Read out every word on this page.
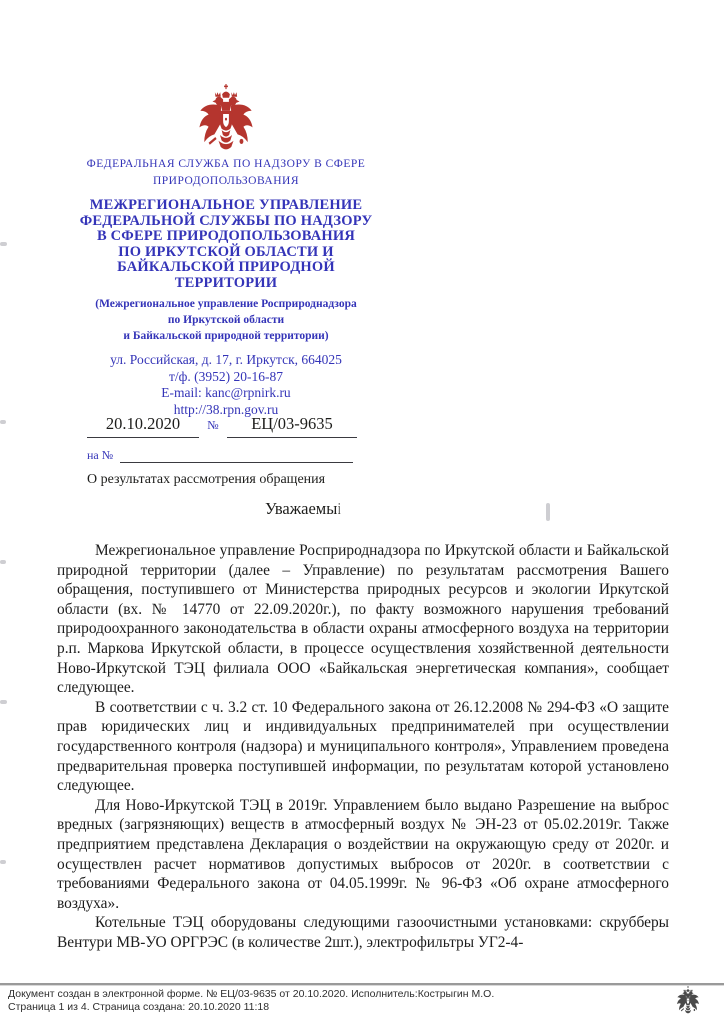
ФЕДЕРАЛЬНАЯ СЛУЖБА ПО НАДЗОРУ В СФЕРЕ
ПРИРОДОПОЛЬЗОВАНИЯ
МЕЖРЕГИОНАЛЬНОЕ УПРАВЛЕНИЕ
ФЕДЕРАЛЬНОЙ СЛУЖБЫ ПО НАДЗОРУ
В СФЕРЕ ПРИРОДОПОЛЬЗОВАНИЯ
ПО ИРКУТСКОЙ ОБЛАСТИ И
БАЙКАЛЬСКОЙ ПРИРОДНОЙ
ТЕРРИТОРИИ
(Межрегиональное управление Росприроднадзора
по Иркутской области
и Байкальской природной территории)
ул. Российская, д. 17, г. Иркутск, 664025
т/ф. (3952) 20-16-87
E-mail: kanc@rpnirk.ru
http://38.rpn.gov.ru
20.10.2020	№	ЕЦ/03-9635
на №
О результатах рассмотрения обращения
Уважаемыі

Межрегиональное управление Росприроднадзора по Иркутской области и Байкальской природной территории (далее – Управление) по результатам рассмотрения Вашего обращения, поступившего от Министерства природных ресурсов и экологии Иркутской области (вх. № 14770 от 22.09.2020г.), по факту возможного нарушения требований природоохранного законодательства в области охраны атмосферного воздуха на территории р.п. Маркова Иркутской области, в процессе осуществления хозяйственной деятельности Ново-Иркутской ТЭЦ филиала ООО «Байкальская энергетическая компания», сообщает следующее.

В соответствии с ч. 3.2 ст. 10 Федерального закона от 26.12.2008 № 294-ФЗ «О защите прав юридических лиц и индивидуальных предпринимателей при осуществлении государственного контроля (надзора) и муниципального контроля», Управлением проведена предварительная проверка поступившей информации, по результатам которой установлено следующее.

Для Ново-Иркутской ТЭЦ в 2019г. Управлением было выдано Разрешение на выброс вредных (загрязняющих) веществ в атмосферный воздух № ЭН-23 от 05.02.2019г. Также предприятием представлена Декларация о воздействии на окружающую среду от 2020г. и осуществлен расчет нормативов допустимых выбросов от 2020г. в соответствии с требованиями Федерального закона от 04.05.1999г. № 96-ФЗ «Об охране атмосферного воздуха».

Котельные ТЭЦ оборудованы следующими газоочистными установками: скрубберы Вентури МВ-УО ОРГРЭС (в количестве 2шт.), электрофильтры УГ2-4-

Документ создан в электронной форме. № ЕЦ/03-9635 от 20.10.2020. Исполнитель:Кострыгин М.О.
Страница 1 из 4. Страница создана: 20.10.2020 11:18
